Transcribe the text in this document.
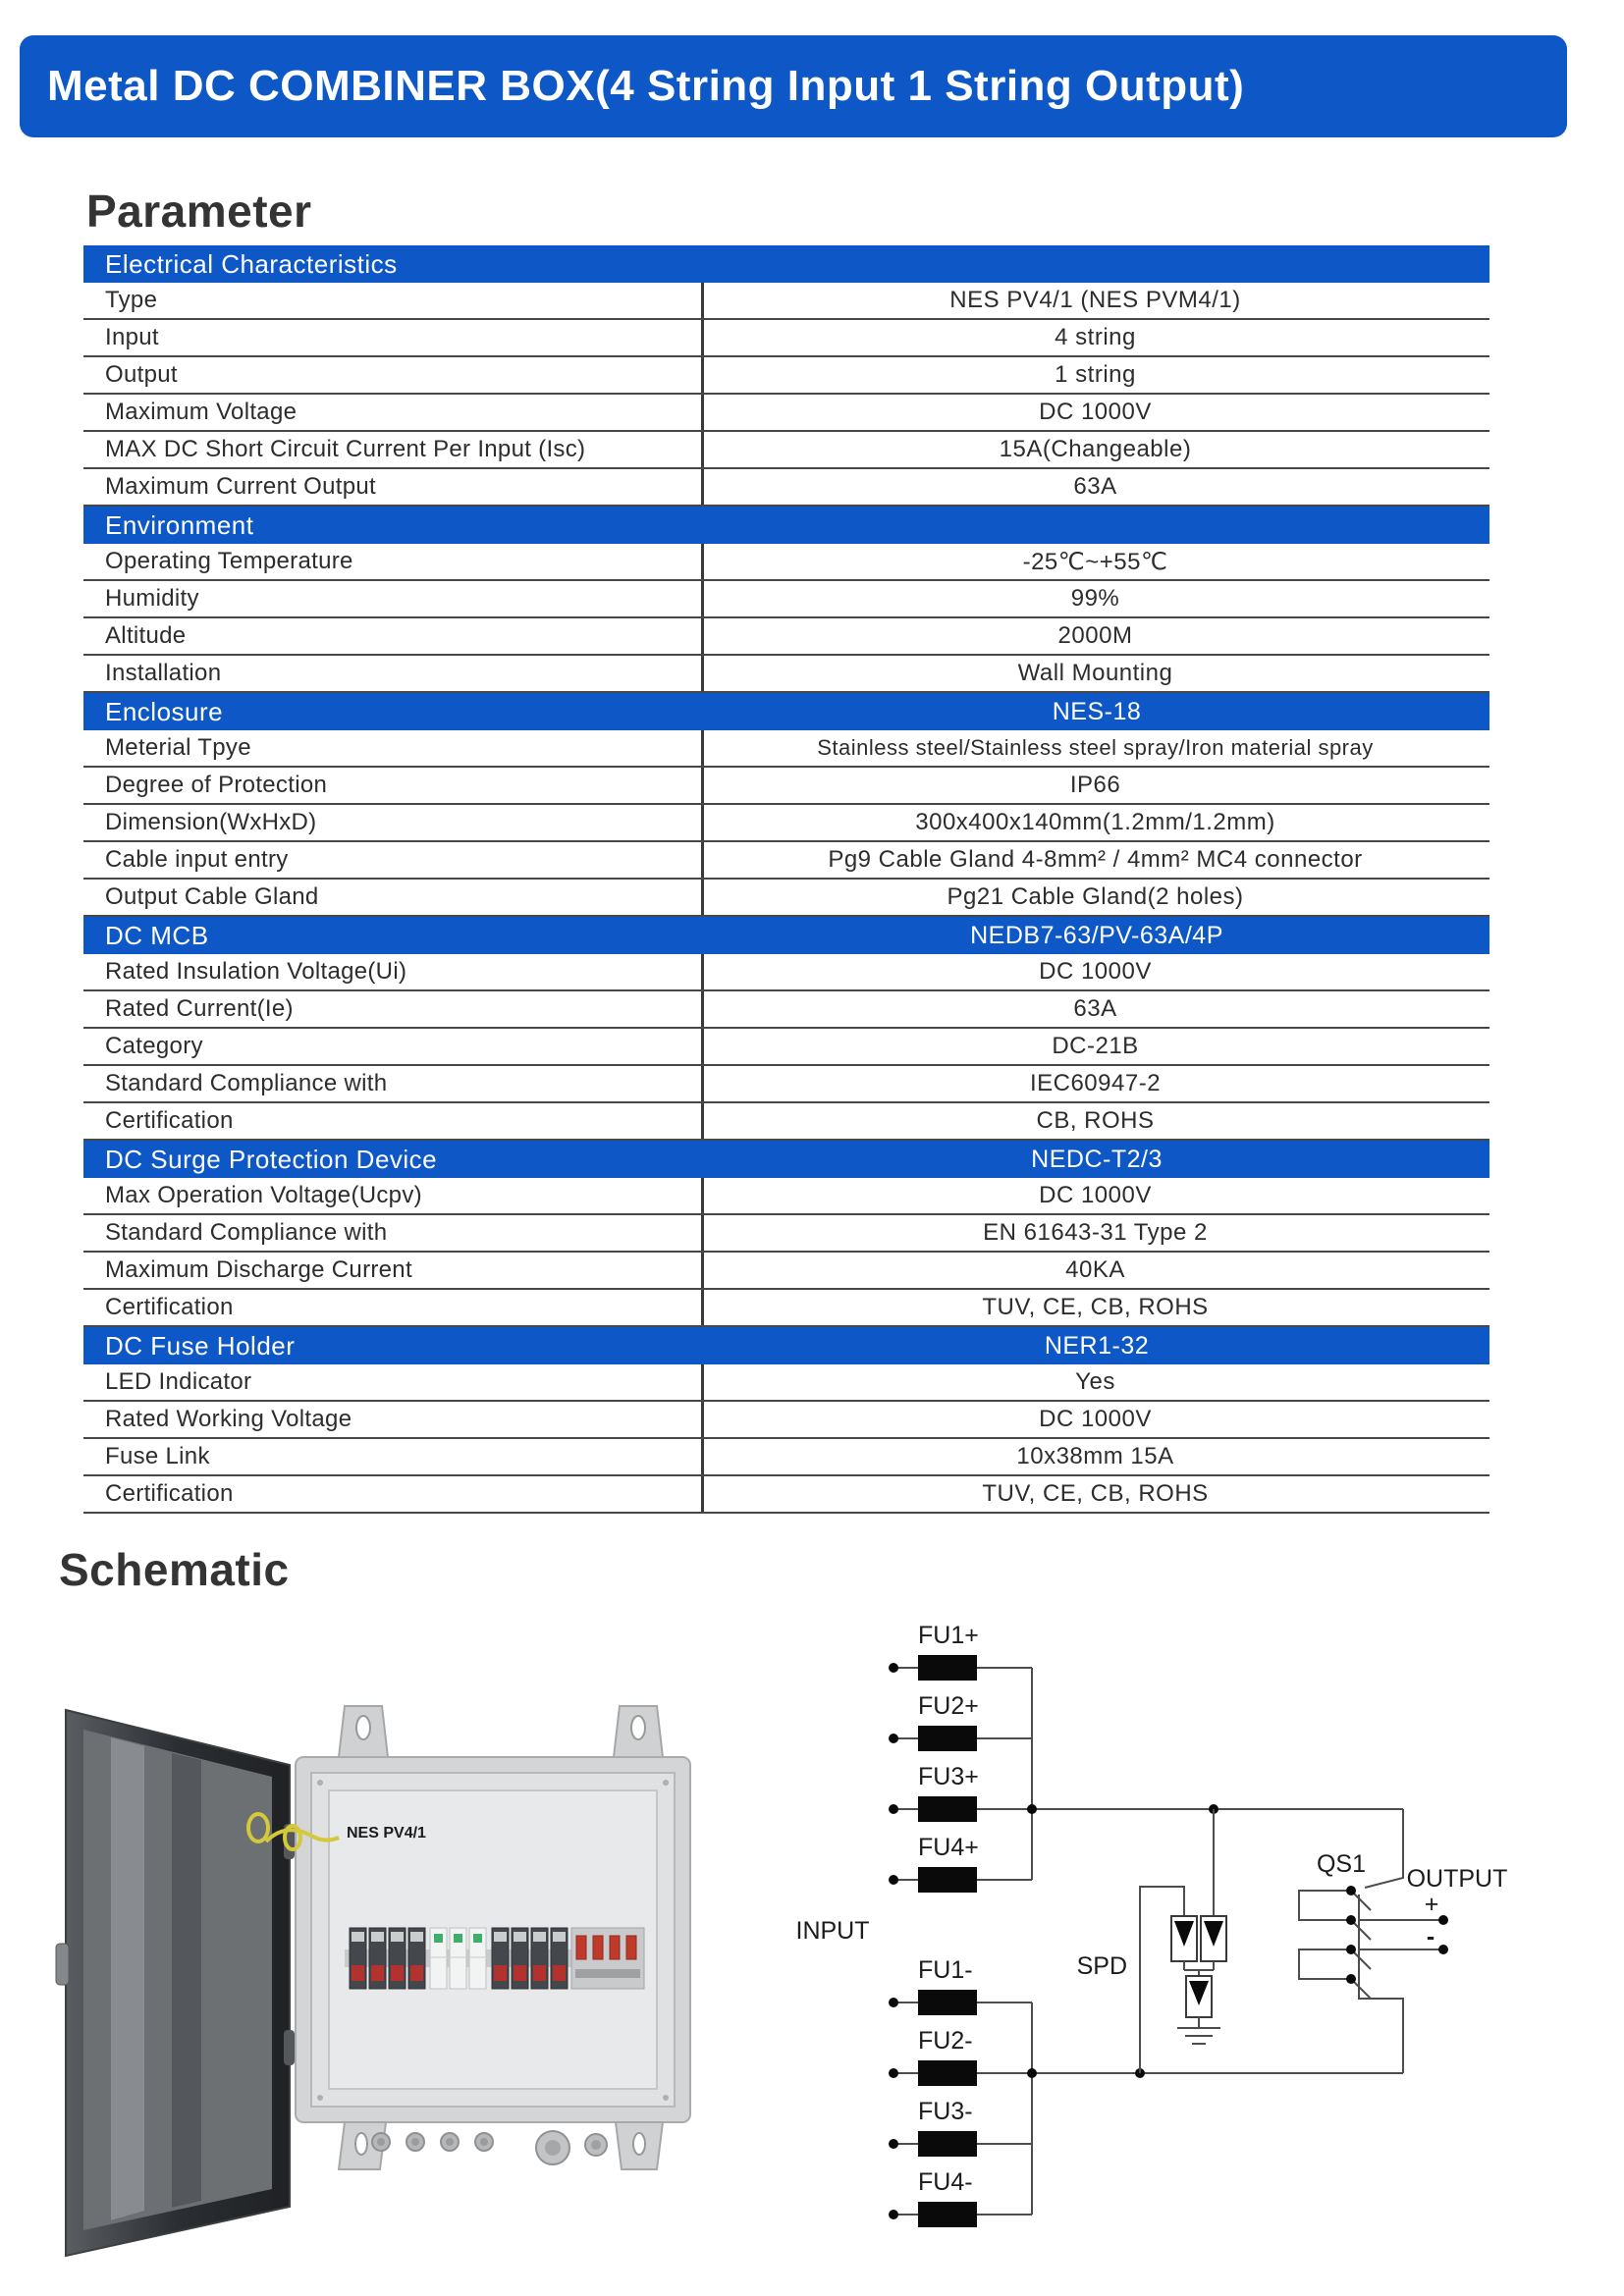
Metal DC COMBINER BOX(4 String Input 1 String Output)
Parameter
Electrical Characteristics
Type	NES PV4/1 (NES PVM4/1)
Input	4 string
Output	1 string
Maximum Voltage	DC 1000V
MAX DC Short Circuit Current Per Input (Isc)	15A(Changeable)
Maximum Current Output	63A
Environment
Operating Temperature	-25℃~+55℃
Humidity	99%
Altitude	2000M
Installation	Wall Mounting
Enclosure	NES-18
Meterial Tpye	Stainless steel/Stainless steel spray/Iron material spray
Degree of Protection	IP66
Dimension(WxHxD)	300x400x140mm(1.2mm/1.2mm)
Cable input entry	Pg9 Cable Gland 4-8mm² / 4mm² MC4 connector
Output Cable Gland	Pg21 Cable Gland(2 holes)
DC MCB	NEDB7-63/PV-63A/4P
Rated Insulation Voltage(Ui)	DC 1000V
Rated Current(Ie)	63A
Category	DC-21B
Standard Compliance with	IEC60947-2
Certification	CB, ROHS
DC Surge Protection Device	NEDC-T2/3
Max Operation Voltage(Ucpv)	DC 1000V
Standard Compliance with	EN 61643-31 Type 2
Maximum Discharge Current	40KA
Certification	TUV, CE, CB, ROHS
DC Fuse Holder	NER1-32
LED Indicator	Yes
Rated Working Voltage	DC 1000V
Fuse Link	10x38mm 15A
Certification	TUV, CE, CB, ROHS
Schematic
NES PV4/1
FU1+
FU2+
FU3+
FU4+
FU1-
FU2-
FU3-
FU4-
+
-
INPUT
SPD
QS1
OUTPUT
